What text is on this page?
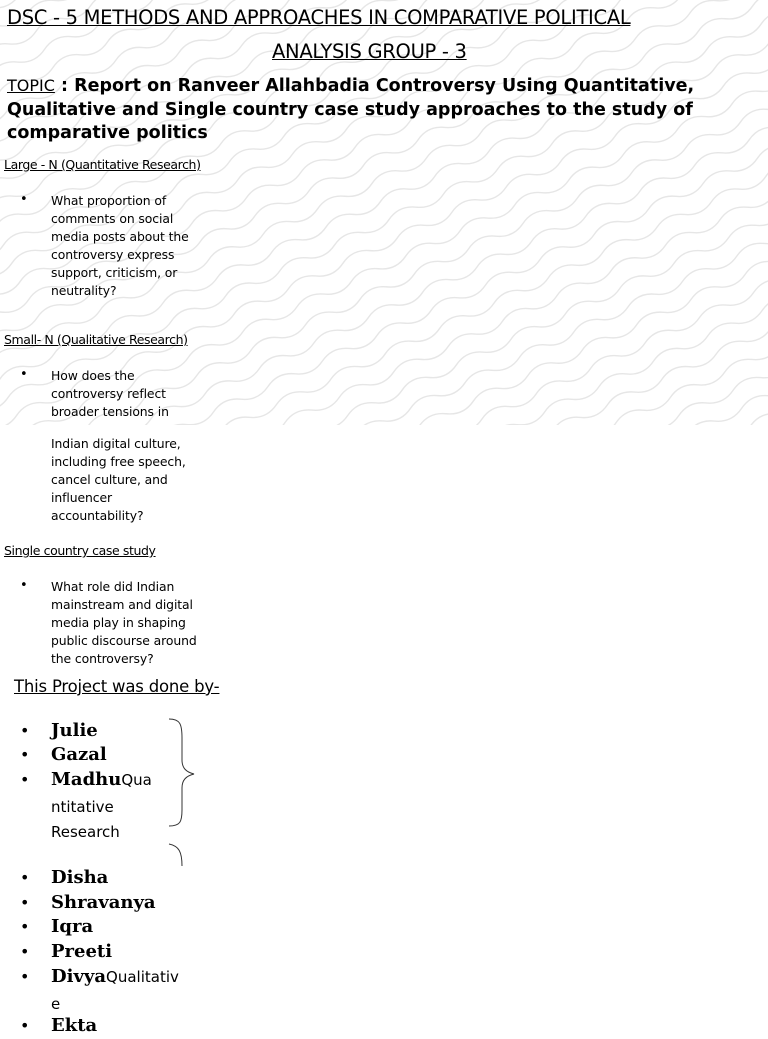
DSC - 5 METHODS AND APPROACHES IN COMPARATIVE POLITICAL
ANALYSIS GROUP - 3
TOPIC : Report on Ranveer Allahbadia Controversy Using Quantitative, Qualitative and Single country case study approaches to the study of comparative politics
Large - N (Quantitative Research)
• What proportion of comments on social media posts about the controversy express support, criticism, or neutrality?
Small- N (Qualitative Research)
• How does the controversy reflect broader tensions in
Indian digital culture, including free speech, cancel culture, and influencer accountability?
Single country case study
• What role did Indian mainstream and digital media play in shaping public discourse around the controversy?
This Project was done by-
• Julie
• Gazal
• MadhuQua
ntitative
Research
• Disha
• Shravanya
• Iqra
• Preeti
• DivyaQualitativ
e
• Ekta
